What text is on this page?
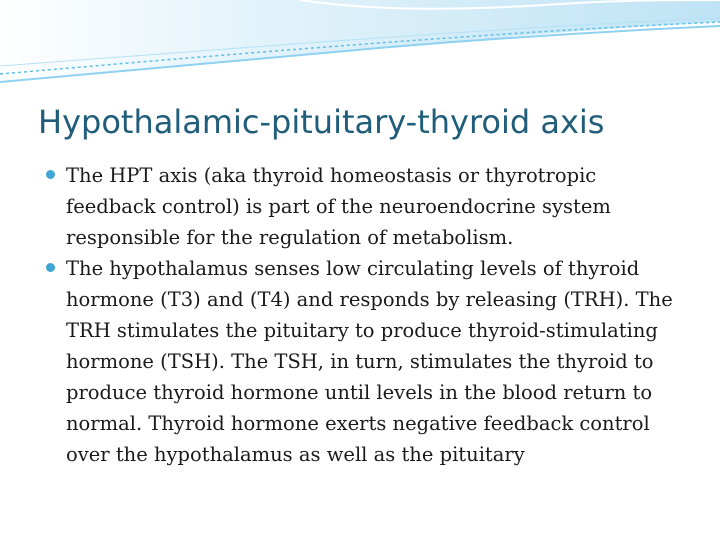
Hypothalamic-pituitary-thyroid axis
The HPT axis (aka thyroid homeostasis or thyrotropic feedback control) is part of the neuroendocrine system responsible for the regulation of metabolism.
The hypothalamus senses low circulating levels of thyroid hormone (T3) and (T4) and responds by releasing (TRH). The TRH stimulates the pituitary to produce thyroid-stimulating hormone (TSH). The TSH, in turn, stimulates the thyroid to produce thyroid hormone until levels in the blood return to normal. Thyroid hormone exerts negative feedback control over the hypothalamus as well as the pituitary
